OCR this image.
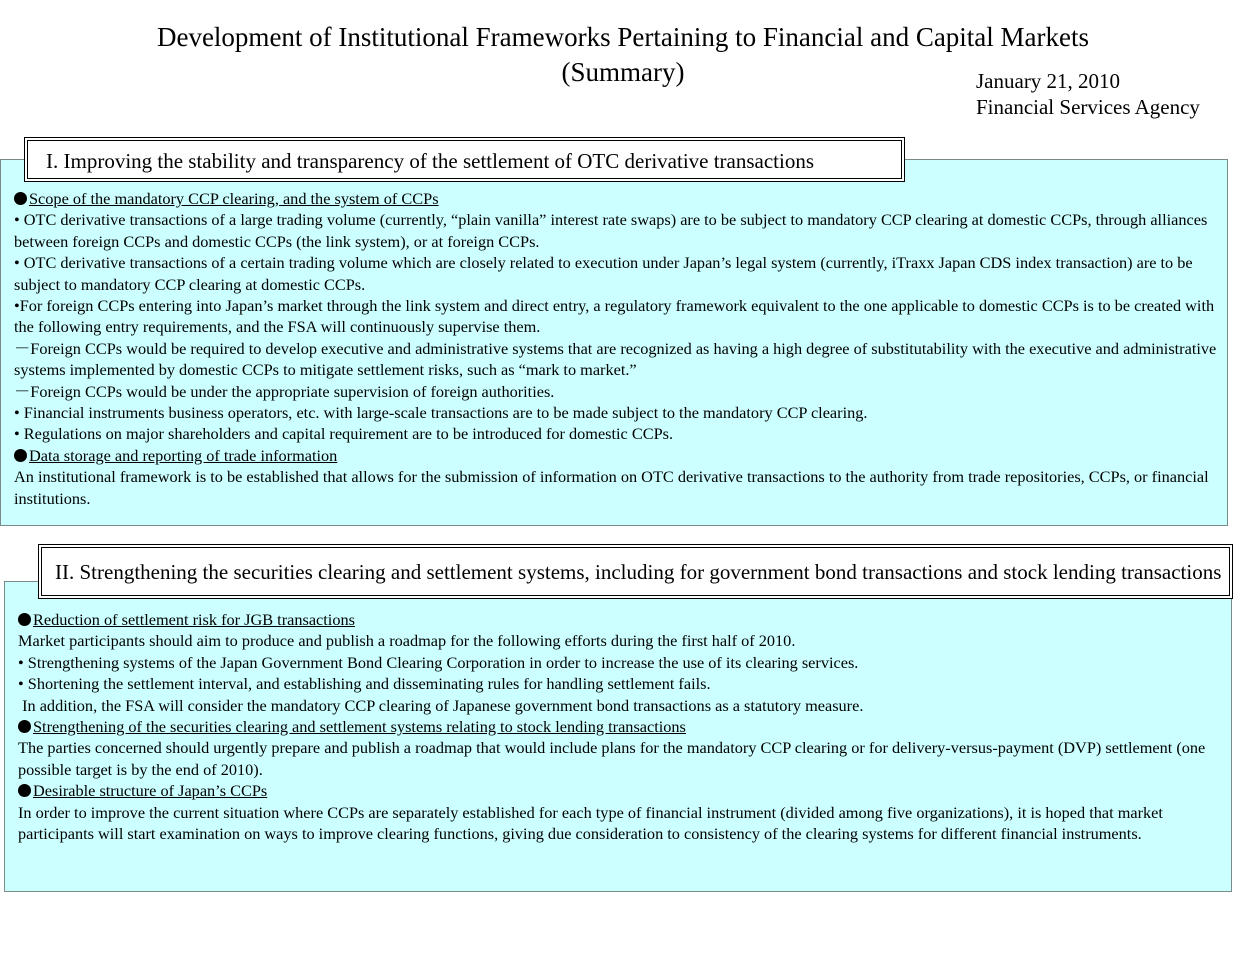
Development of Institutional Frameworks Pertaining to Financial and Capital Markets
(Summary)	January 21, 2010
Financial Services Agency

Scope of the mandatory CCP clearing, and the system of CCPs

• OTC derivative transactions of a large trading volume (currently, “plain vanilla” interest rate swaps) are to be subject to mandatory CCP clearing at domestic CCPs, through alliances between foreign CCPs and domestic CCPs (the link system), or at foreign CCPs.

• OTC derivative transactions of a certain trading volume which are closely related to execution under Japan’s legal system (currently, iTraxx Japan CDS index transaction) are to be subject to mandatory CCP clearing at domestic CCPs.

•For foreign CCPs entering into Japan’s market through the link system and direct entry, a regulatory framework equivalent to the one applicable to domestic CCPs is to be created with the following entry requirements, and the FSA will continuously supervise them.

－Foreign CCPs would be required to develop executive and administrative systems that are recognized as having a high degree of substitutability with the executive and administrative systems implemented by domestic CCPs to mitigate settlement risks, such as “mark to market.”

－Foreign CCPs would be under the appropriate supervision of foreign authorities.

• Financial instruments business operators, etc. with large-scale transactions are to be made subject to the mandatory CCP clearing.

• Regulations on major shareholders and capital requirement are to be introduced for domestic CCPs.

Data storage and reporting of trade information

An institutional framework is to be established that allows for the submission of information on OTC derivative transactions to the authority from trade repositories, CCPs, or financial institutions.

I. Improving the stability and transparency of the settlement of OTC derivative transactions

Reduction of settlement risk for JGB transactions

Market participants should aim to produce and publish a roadmap for the following efforts during the first half of 2010.

• Strengthening systems of the Japan Government Bond Clearing Corporation in order to increase the use of its clearing services.

• Shortening the settlement interval, and establishing and disseminating rules for handling settlement fails.

In addition, the FSA will consider the mandatory CCP clearing of Japanese government bond transactions as a statutory measure.

Strengthening of the securities clearing and settlement systems relating to stock lending transactions

The parties concerned should urgently prepare and publish a roadmap that would include plans for the mandatory CCP clearing or for delivery-versus-payment (DVP) settlement (one possible target is by the end of 2010).

Desirable structure of Japan’s CCPs

In order to improve the current situation where CCPs are separately established for each type of financial instrument (divided among five organizations), it is hoped that market participants will start examination on ways to improve clearing functions, giving due consideration to consistency of the clearing systems for different financial instruments.

II. Strengthening the securities clearing and settlement systems, including for government bond transactions and stock lending transactions
